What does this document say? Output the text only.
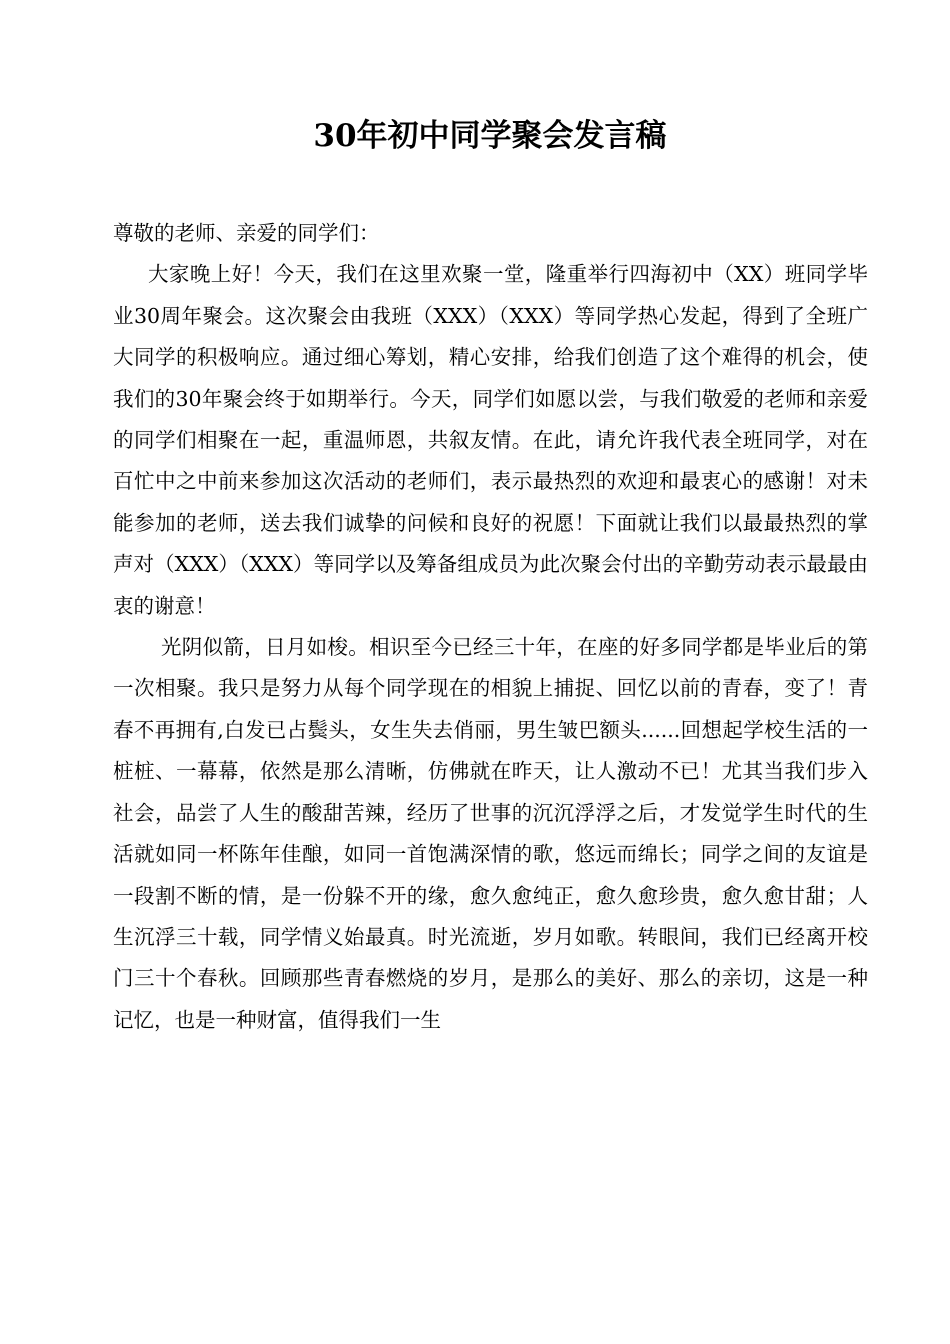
30年初中同学聚会发言稿

尊敬的老师、亲爱的同学们：

大家晚上好！今天，我们在这里欢聚一堂，隆重举行四海初中（XX）班同学毕业30周年聚会。这次聚会由我班（XXX）（XXX）等同学热心发起，得到了全班广大同学的积极响应。通过细心筹划，精心安排，给我们创造了这个难得的机会，使我们的30年聚会终于如期举行。今天，同学们如愿以尝，与我们敬爱的老师和亲爱的同学们相聚在一起，重温师恩，共叙友情。在此，请允许我代表全班同学，对在百忙中之中前来参加这次活动的老师们，表示最热烈的欢迎和最衷心的感谢！对未能参加的老师，送去我们诚挚的问候和良好的祝愿！下面就让我们以最最热烈的掌声对（XXX）（XXX）等同学以及筹备组成员为此次聚会付出的辛勤劳动表示最最由衷的谢意！

光阴似箭，日月如梭。相识至今已经三十年，在座的好多同学都是毕业后的第一次相聚。我只是努力从每个同学现在的相貌上捕捉、回忆以前的青春，变了！青春不再拥有,白发已占鬓头，女生失去俏丽，男生皱巴额头......回想起学校生活的一桩桩、一幕幕，依然是那么清晰，仿佛就在昨天，让人激动不已！尤其当我们步入社会，品尝了人生的酸甜苦辣，经历了世事的沉沉浮浮之后，才发觉学生时代的生活就如同一杯陈年佳酿，如同一首饱满深情的歌，悠远而绵长；同学之间的友谊是一段割不断的情，是一份躲不开的缘，愈久愈纯正，愈久愈珍贵，愈久愈甘甜；人生沉浮三十载，同学情义始最真。时光流逝，岁月如歌。转眼间，我们已经离开校门三十个春秋。回顾那些青春燃烧的岁月，是那么的美好、那么的亲切，这是一种记忆，也是一种财富，值得我们一生
